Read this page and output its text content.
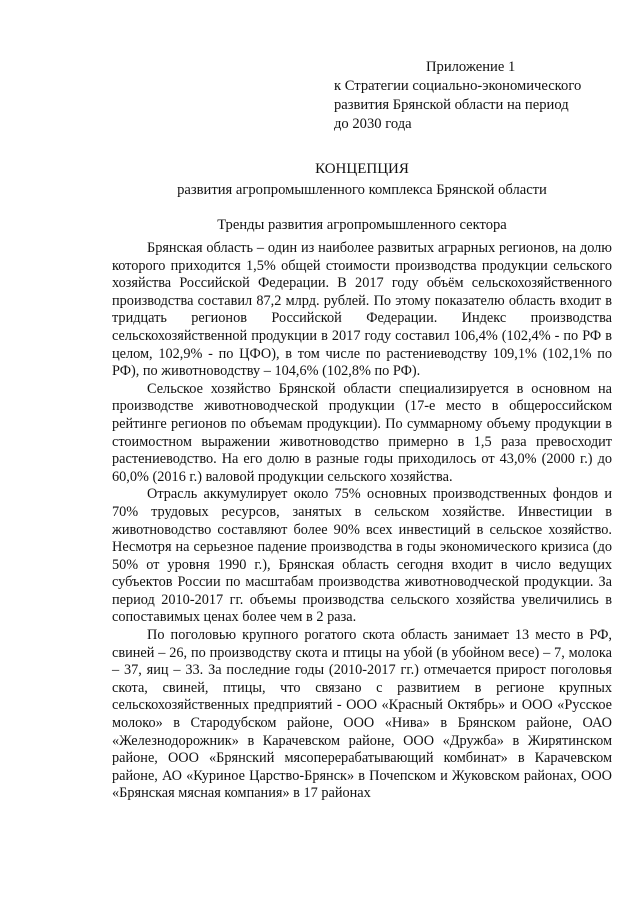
Приложение 1
к Стратегии социально-экономического
развития Брянской области на период
до 2030 года
КОНЦЕПЦИЯ
развития агропромышленного комплекса Брянской области
Тренды развития агропромышленного сектора

Брянская область – один из наиболее развитых аграрных регионов, на долю которого приходится 1,5% общей стоимости производства продукции сельского хозяйства Российской Федерации. В 2017 году объём сельскохозяйственного производства составил 87,2 млрд. рублей. По этому показателю область входит в тридцать регионов Российской Федерации. Индекс производства сельскохозяйственной продукции в 2017 году составил 106,4% (102,4% - по РФ в целом, 102,9% - по ЦФО), в том числе по растениеводству 109,1% (102,1% по РФ), по животноводству – 104,6% (102,8% по РФ).

Сельское хозяйство Брянской области специализируется в основном на производстве животноводческой продукции (17-е место в общероссийском рейтинге регионов по объемам продукции). По суммарному объему продукции в стоимостном выражении животноводство примерно в 1,5 раза превосходит растениеводство. На его долю в разные годы приходилось от 43,0% (2000 г.) до 60,0% (2016 г.) валовой продукции сельского хозяйства.

Отрасль аккумулирует около 75% основных производственных фондов и 70% трудовых ресурсов, занятых в сельском хозяйстве. Инвестиции в животноводство составляют более 90% всех инвестиций в сельское хозяйство. Несмотря на серьезное падение производства в годы экономического кризиса (до 50% от уровня 1990 г.), Брянская область сегодня входит в число ведущих субъектов России по масштабам производства животноводческой продукции. За период 2010-2017 гг. объемы производства сельского хозяйства увеличились в сопоставимых ценах более чем в 2 раза.

По поголовью крупного рогатого скота область занимает 13 место в РФ, свиней – 26, по производству скота и птицы на убой (в убойном весе) – 7, молока – 37, яиц – 33. За последние годы (2010-2017 гг.) отмечается прирост поголовья скота, свиней, птицы, что связано с развитием в регионе крупных сельскохозяйственных предприятий - ООО «Красный Октябрь» и ООО «Русское молоко» в Стародубском районе, ООО «Нива» в Брянском районе, ОАО «Железнодорожник» в Карачевском районе, ООО «Дружба» в Жирятинском районе, ООО «Брянский мясоперерабатывающий комбинат» в Карачевском районе, АО «Куриное Царство-Брянск» в Почепском и Жуковском районах, ООО «Брянская мясная компания» в 17 районах
